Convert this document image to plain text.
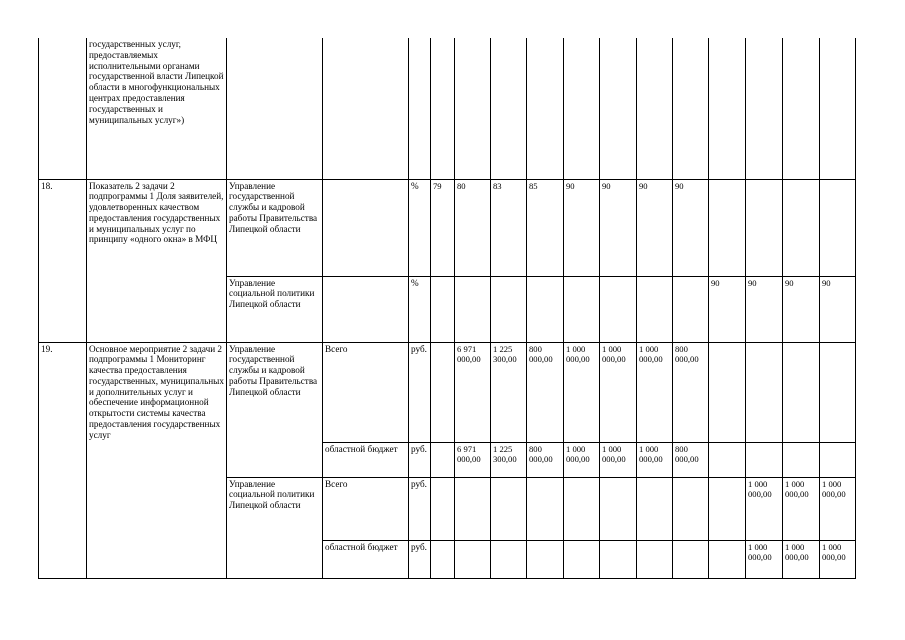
	государственных услуг, предоставляемых исполнительными органами государственной власти Липецкой области в многофункциональных центрах предоставления государственных и муниципальных услуг»)															
18.	Показатель 2 задачи 2 подпрограммы 1 Доля заявителей, удовлетворенных качеством предоставления государственных и муниципальных услуг по принципу «одного окна» в МФЦ	Управление государственной службы и кадровой работы Правительства Липецкой области		%	79	80	83	85	90	90	90	90				
		Управление социальной политики Липецкой области		%									90	90	90	90
19.	Основное мероприятие 2 задачи 2 подпрограммы 1 Мониторинг качества предоставления государственных, муниципальных и дополнительных услуг и обеспечение информационной открытости системы качества предоставления государственных услуг	Управление государственной службы и кадровой работы Правительства Липецкой области	Всего	руб.		6 971 000,00	1 225 300,00	800 000,00	1 000 000,00	1 000 000,00	1 000 000,00	800 000,00				
			областной бюджет	руб.		6 971 000,00	1 225 300,00	800 000,00	1 000 000,00	1 000 000,00	1 000 000,00	800 000,00				
		Управление социальной политики Липецкой области	Всего	руб.										1 000 000,00	1 000 000,00	1 000 000,00
			областной бюджет	руб.										1 000 000,00	1 000 000,00	1 000 000,00
